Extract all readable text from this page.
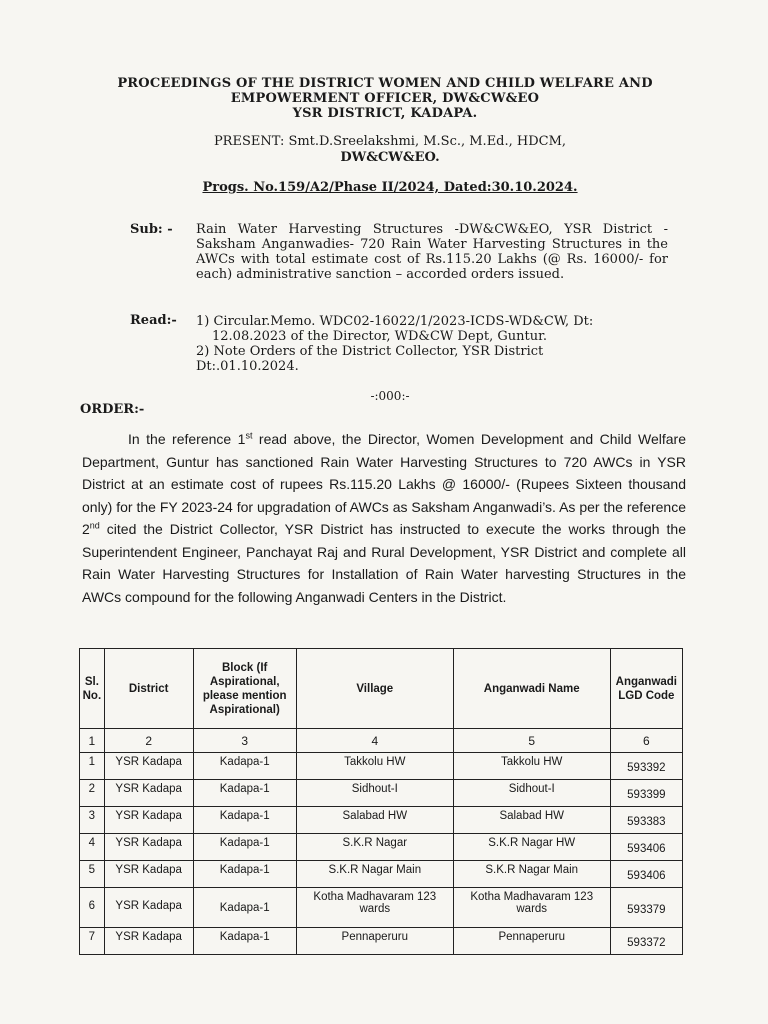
PROCEEDINGS OF THE DISTRICT WOMEN AND CHILD WELFARE AND
EMPOWERMENT OFFICER, DW&CW&EO
YSR DISTRICT, KADAPA.
PRESENT: Smt.D.Sreelakshmi, M.Sc., M.Ed., HDCM,
DW&CW&EO.
Progs. No.159/A2/Phase II/2024, Dated:30.10.2024.
Sub: - Rain Water Harvesting Structures -DW&CW&EO, YSR District - Saksham Anganwadies- 720 Rain Water Harvesting Structures in the AWCs with total estimate cost of Rs.115.20 Lakhs (@ Rs. 16000/- for each) administrative sanction – accorded orders issued.
Read:- 1) Circular.Memo. WDC02-16022/1/2023-ICDS-WD&CW, Dt:
12.08.2023 of the Director, WD&CW Dept, Guntur.
2) Note Orders of the District Collector, YSR District
Dt:.01.10.2024.
-:000:-
ORDER:-
In the reference 1st read above, the Director, Women Development and Child Welfare Department, Guntur has sanctioned Rain Water Harvesting Structures to 720 AWCs in YSR District at an estimate cost of rupees Rs.115.20 Lakhs @ 16000/- (Rupees Sixteen thousand only) for the FY 2023-24 for upgradation of AWCs as Saksham Anganwadi’s. As per the reference 2nd cited the District Collector, YSR District has instructed to execute the works through the Superintendent Engineer, Panchayat Raj and Rural Development, YSR District and complete all Rain Water Harvesting Structures for Installation of Rain Water harvesting Structures in the AWCs compound for the following Anganwadi Centers in the District.
Sl. No.	District	Block (If Aspirational, please mention Aspirational)	Village	Anganwadi Name	Anganwadi LGD Code
1	2	3	4	5	6
1	YSR Kadapa	Kadapa-1	Takkolu HW	Takkolu HW	593392
2	YSR Kadapa	Kadapa-1	Sidhout-I	Sidhout-I	593399
3	YSR Kadapa	Kadapa-1	Salabad HW	Salabad HW	593383
4	YSR Kadapa	Kadapa-1	S.K.R Nagar	S.K.R Nagar HW	593406
5	YSR Kadapa	Kadapa-1	S.K.R Nagar Main	S.K.R Nagar Main	593406
6	YSR Kadapa	Kadapa-1	Kotha Madhavaram 123 wards	Kotha Madhavaram 123 wards	593379
7	YSR Kadapa	Kadapa-1	Pennaperuru	Pennaperuru	593372
